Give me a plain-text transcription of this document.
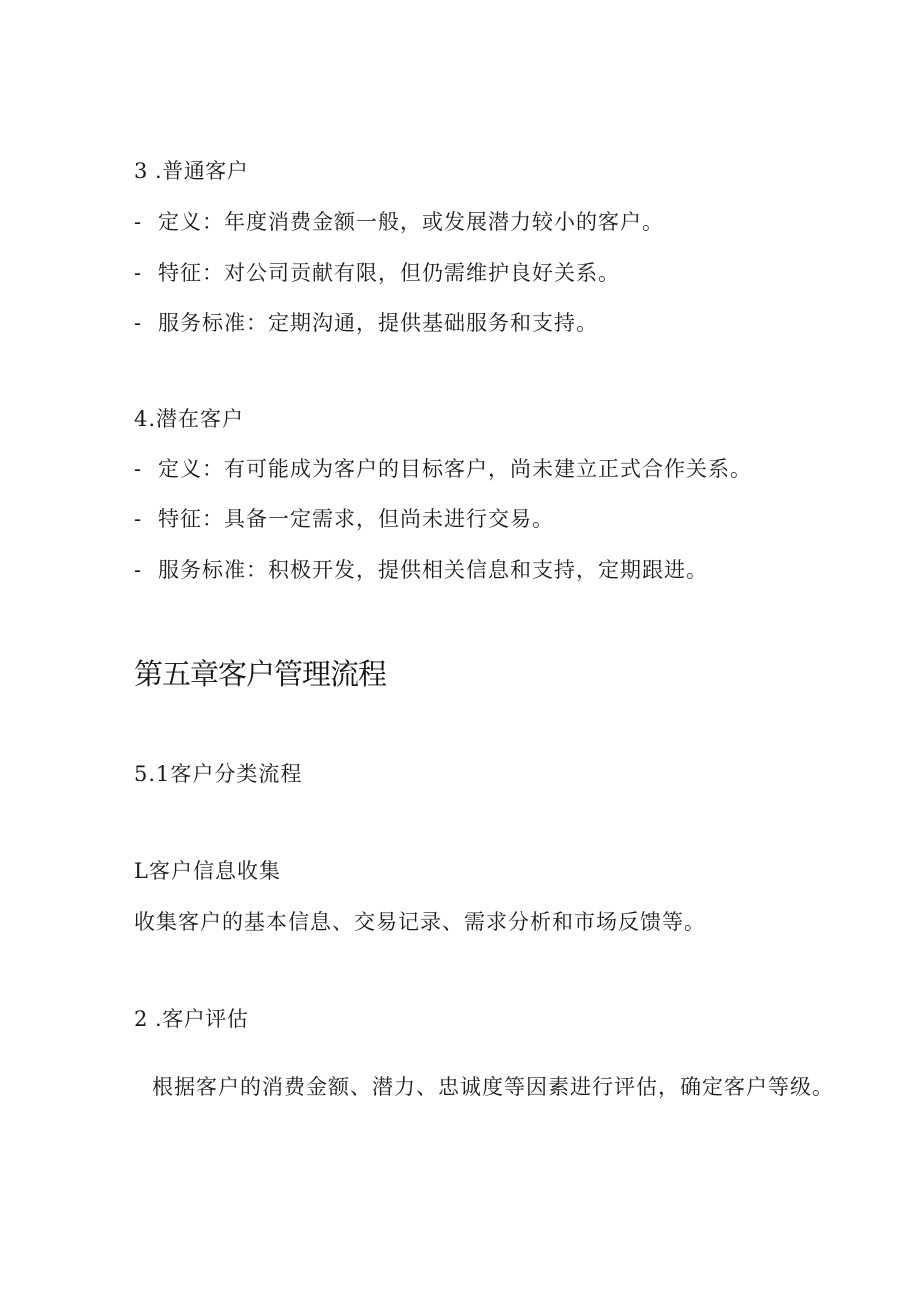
3 .普通客户
- 定义：年度消费金额一般，或发展潜力较小的客户。
- 特征：对公司贡献有限，但仍需维护良好关系。
- 服务标准：定期沟通，提供基础服务和支持。
4.潜在客户
- 定义：有可能成为客户的目标客户，尚未建立正式合作关系。
- 特征：具备一定需求，但尚未进行交易。
- 服务标准：积极开发，提供相关信息和支持，定期跟进。
第五章客户管理流程
5.1客户分类流程
L客户信息收集
收集客户的基本信息、交易记录、需求分析和市场反馈等。
2 .客户评估
根据客户的消费金额、潜力、忠诚度等因素进行评估，确定客户等级。
